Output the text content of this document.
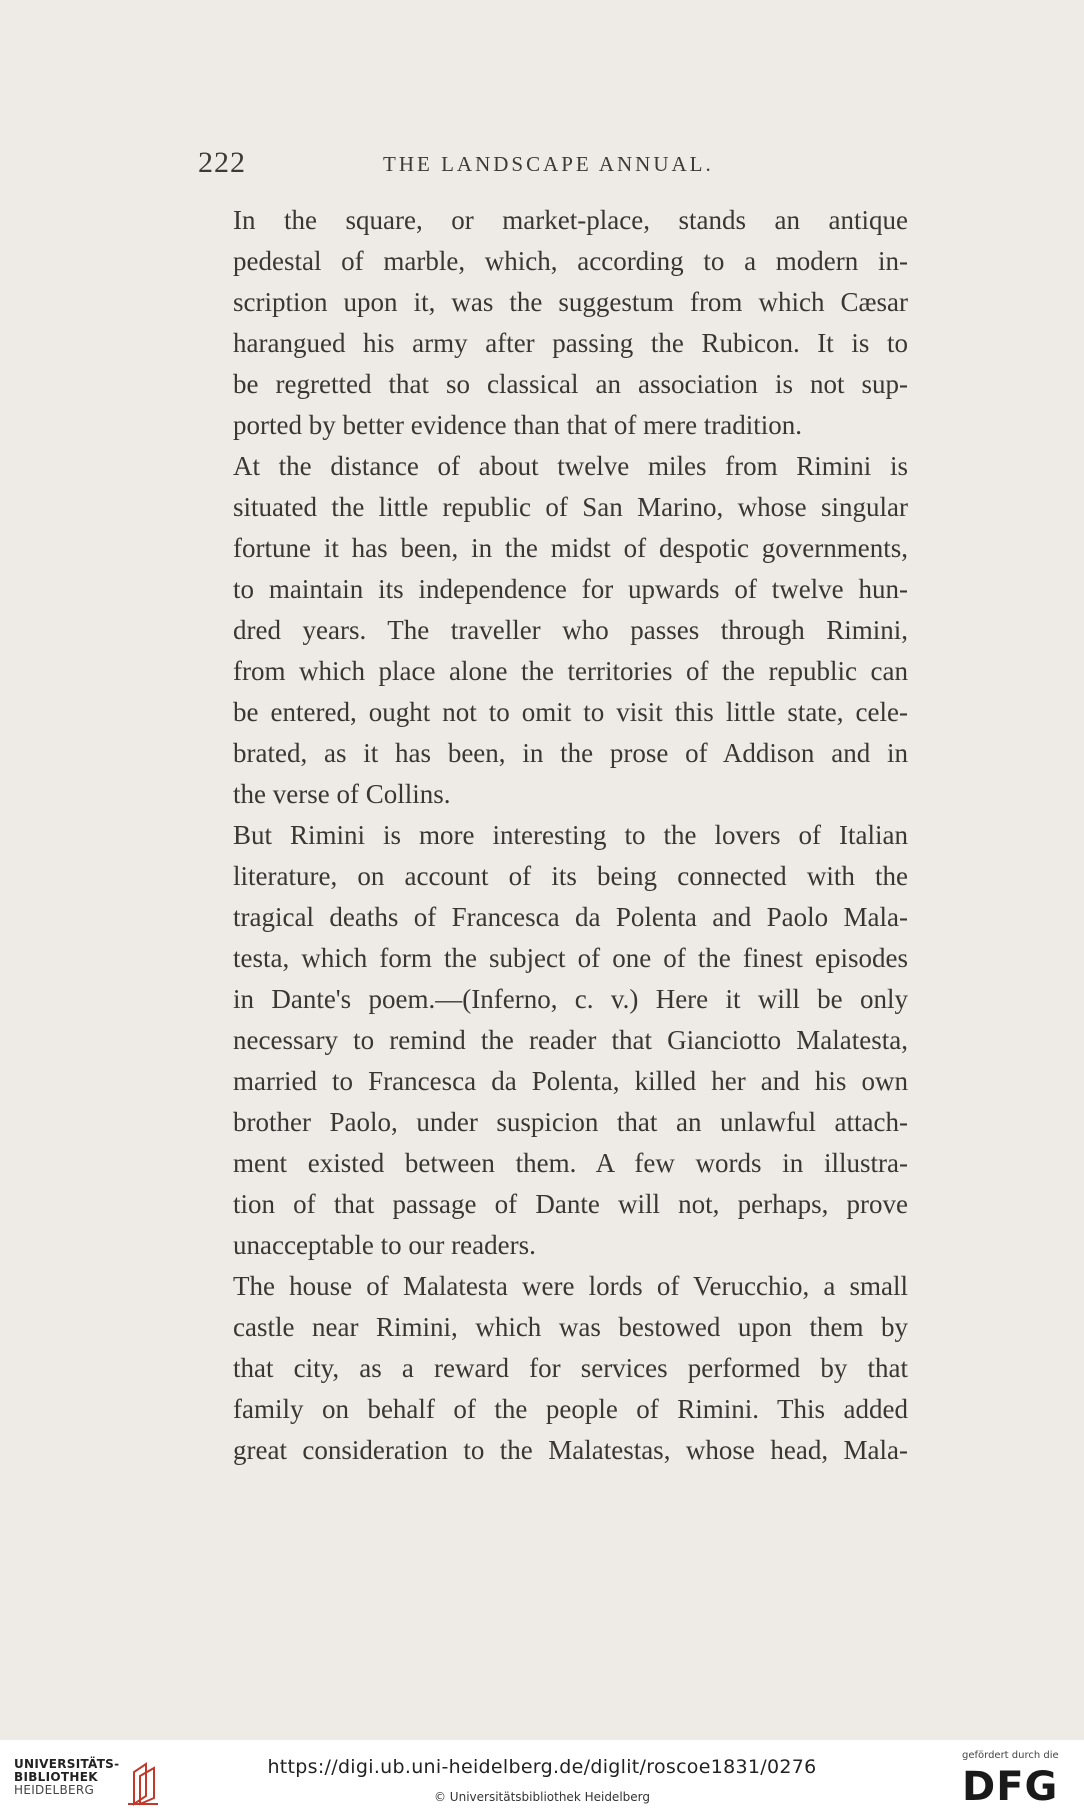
222	THE LANDSCAPE ANNUAL.

In the square, or market-place, stands an antique
pedestal of marble, which, according to a modern in-
scription upon it, was the suggestum from which Cæsar
harangued his army after passing the Rubicon. It is to
be regretted that so classical an association is not sup-
ported by better evidence than that of mere tradition.

At the distance of about twelve miles from Rimini is
situated the little republic of San Marino, whose singular
fortune it has been, in the midst of despotic governments,
to maintain its independence for upwards of twelve hun-
dred years. The traveller who passes through Rimini,
from which place alone the territories of the republic can
be entered, ought not to omit to visit this little state, cele-
brated, as it has been, in the prose of Addison and in
the verse of Collins.

But Rimini is more interesting to the lovers of Italian
literature, on account of its being connected with the
tragical deaths of Francesca da Polenta and Paolo Mala-
testa, which form the subject of one of the finest episodes
in Dante's poem.—(Inferno, c. v.) Here it will be only
necessary to remind the reader that Gianciotto Malatesta,
married to Francesca da Polenta, killed her and his own
brother Paolo, under suspicion that an unlawful attach-
ment existed between them. A few words in illustra-
tion of that passage of Dante will not, perhaps, prove
unacceptable to our readers.

The house of Malatesta were lords of Verucchio, a small
castle near Rimini, which was bestowed upon them by
that city, as a reward for services performed by that
family on behalf of the people of Rimini. This added
great consideration to the Malatestas, whose head, Mala-

UNIVERSITÄTS-
BIBLIOTHEK
HEIDELBERG
https://digi.ub.uni-heidelberg.de/diglit/roscoe1831/0276
© Universitätsbibliothek Heidelberg
gefördert durch die
DFG
